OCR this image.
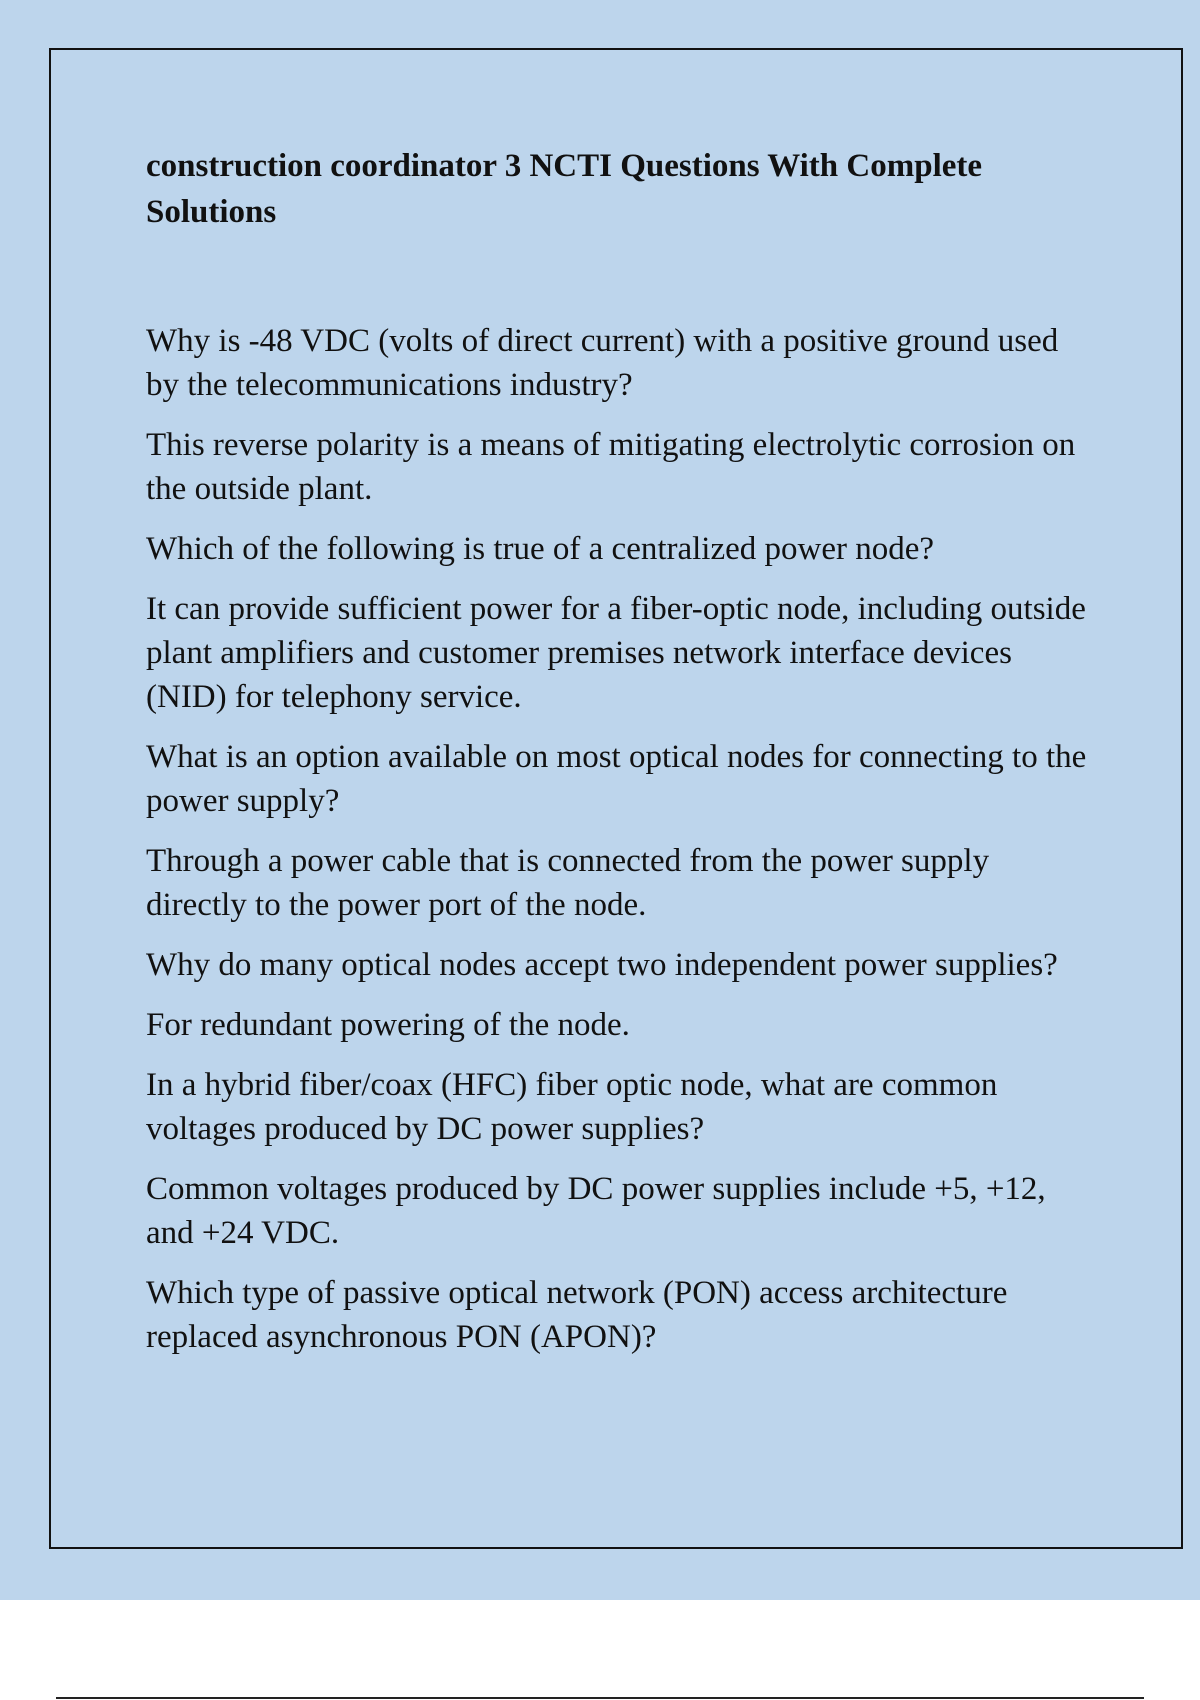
construction coordinator 3 NCTI Questions With Complete Solutions

Why is -48 VDC (volts of direct current) with a positive ground used by the telecommunications industry?

This reverse polarity is a means of mitigating electrolytic corrosion on the outside plant.

Which of the following is true of a centralized power node?

It can provide sufficient power for a fiber-optic node, including outside plant amplifiers and customer premises network interface devices (NID) for telephony service.

What is an option available on most optical nodes for connecting to the power supply?

Through a power cable that is connected from the power supply directly to the power port of the node.

Why do many optical nodes accept two independent power supplies?

For redundant powering of the node.

In a hybrid fiber/coax (HFC) fiber optic node, what are common voltages produced by DC power supplies?

Common voltages produced by DC power supplies include +5, +12, and +24 VDC.

Which type of passive optical network (PON) access architecture replaced asynchronous PON (APON)?
